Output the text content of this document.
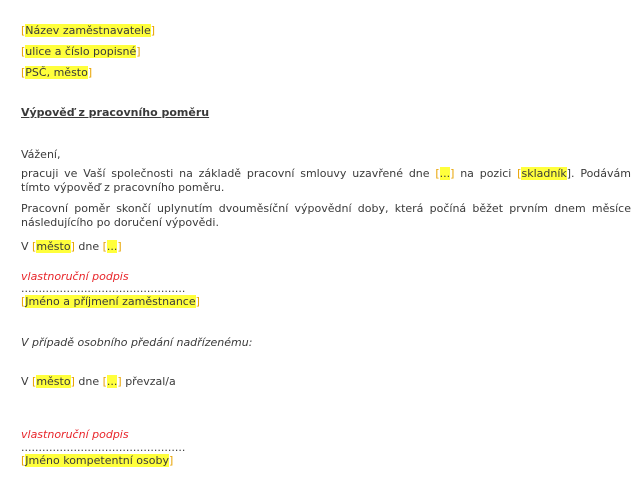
[Název zaměstnavatele]
[ulice a číslo popisné]
[PSČ, město]
Výpověď z pracovního poměru
Vážení,
pracuji ve Vaší společnosti na základě pracovní smlouvy uzavřené dne [...] na pozici [skladník]. Podávám tímto výpověď z pracovního poměru.
Pracovní poměr skončí uplynutím dvouměsíční výpovědní doby, která počíná běžet prvním dnem měsíce následujícího po doručení výpovědi.
V [město] dne [...]
vlastnoruční podpis
...............................................
[Jméno a příjmení zaměstnance]
V případě osobního předání nadřízenému:
V [město] dne [...] převzal/a
vlastnoruční podpis
...............................................
[Jméno kompetentní osoby]
